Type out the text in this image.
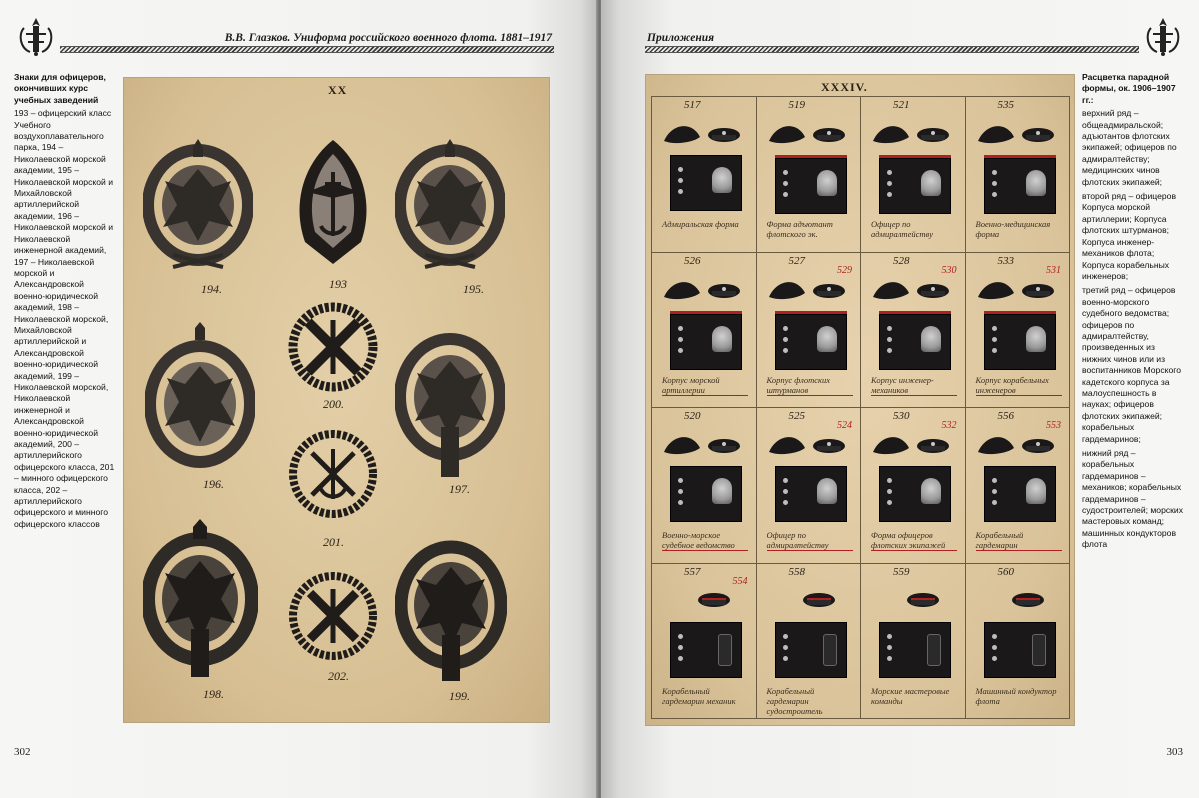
В.В. Глазков. Униформа российского военного флота. 1881–1917
Знаки для офицеров, окончивших курс учебных заведений

193 – офицерский класс Учебного воздухоплавательного парка, 194 – Николаевской морской академии, 195 – Николаевской морской и Михайловской артиллерийской академии, 196 – Николаевской морской и Николаевской инженерной академий, 197 – Николаевской морской и Александровской военно-юридической академий, 198 – Николаевской морской, Михайловской артиллерийской и Александровской военно-юридической академий, 199 – Николаевской морской, Николаевской инженерной и Александровской военно-юридической академий, 200 – артиллерийского офицерского класса, 201 – минного офицерского класса, 202 – артиллерийского офицерского и минного офицерского классов

XX
194.	193	195.
196.
200.
197.
201.
198.
202.
199.
302
Приложения
XXXIV.
517
Адмиральская форма
519
Форма адъютант флотского эк.
521
Офицер по адмиралтейству
535
Военно-медицинская форма
526
Корпус морской артиллерии
527
529
Корпус флотских штурманов
528
530
Корпус инженер-механиков
533
531
Корпус корабельных инженеров
520
Военно-морское судебное ведомство
525
524
Офицер по адмиралтейству
530
532
Форма офицеров флотских экипажей
556
553
Корабельный гардемарин
557
554
Корабельный гардемарин механик
558
Корабельный гардемарин судостроитель
559
Морские мастеровые команды
560
Машинный кондуктор флота
Расцветка парадной формы, ок. 1906–1907 гг.:

верхний ряд – общеадмиральской; адъютантов флотских экипажей; офицеров по адмиралтейству; медицинских чинов флотских экипажей;

второй ряд – офицеров Корпуса морской артиллерии; Корпуса флотских штурманов; Корпуса инженер-механиков флота; Корпуса корабельных инженеров;

третий ряд – офицеров военно-морского судебного ведомства; офицеров по адмиралтейству, произведенных из нижних чинов или из воспитанников Морского кадетского корпуса за малоуспешность в науках; офицеров флотских экипажей; корабельных гардемаринов;

нижний ряд – корабельных гардемаринов – механиков; корабельных гардемаринов – судостроителей; морских мастеровых команд; машинных кондукторов флота

303
